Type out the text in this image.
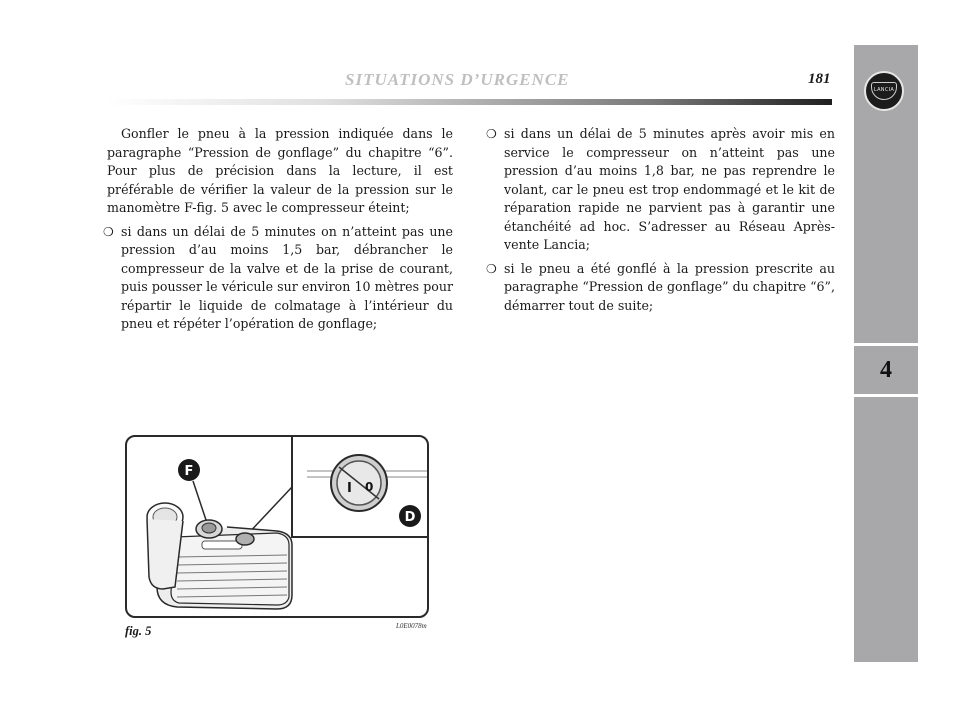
SITUATIONS D’URGENCE	181
LANCIA
4

Gonfler le pneu à la pression indiquée dans le paragraphe “Pression de gonflage” du chapitre “6”. Pour plus de précision dans la lecture, il est préférable de vérifier la valeur de la pression sur le manomètre F-fig. 5 avec le compresseur éteint;

❍ si dans un délai de 5 minutes on n’atteint pas une pression d’au moins 1,5 bar, débrancher le compresseur de la valve et de la prise de courant, puis pousser le véricule sur environ 10 mètres pour répartir le liquide de colmatage à l’intérieur du pneu et répéter l’opération de gonflage;
❍ si dans un délai de 5 minutes après avoir mis en service le compresseur on n’atteint pas une pression d’au moins 1,8 bar, ne pas reprendre le volant, car le pneu est trop endommagé et le kit de réparation rapide ne parvient pas à garantir une étanchéité ad hoc. S’adresser au Réseau Après-vente Lancia;
❍ si le pneu a été gonflé à la pression prescrite au paragraphe “Pression de gonflage” du chapitre “6”, démarrer tout de suite;
I 0
D
F
fig. 5	L0E0078m
